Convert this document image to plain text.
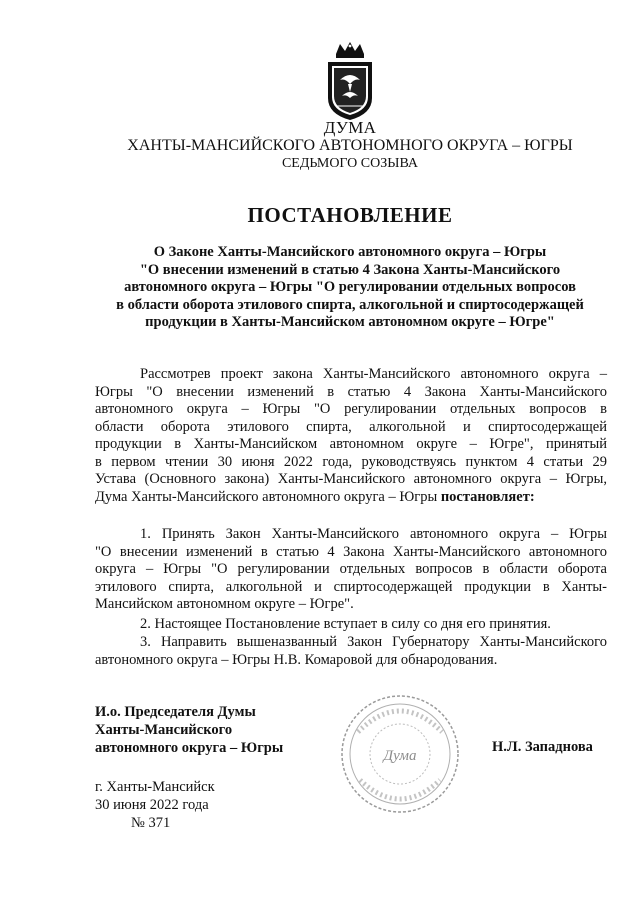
ДУМА
ХАНТЫ-МАНСИЙСКОГО АВТОНОМНОГО ОКРУГА – ЮГРЫ
СЕДЬМОГО СОЗЫВА
ПОСТАНОВЛЕНИЕ
О Законе Ханты-Мансийского автономного округа – Югры
"О внесении изменений в статью 4 Закона Ханты-Мансийского
автономного округа – Югры "О регулировании отдельных вопросов
в области оборота этилового спирта, алкогольной и спиртосодержащей
продукции в Ханты-Мансийском автономном округе – Югре"
Рассмотрев проект закона Ханты-Мансийского автономного округа –
Югры "О внесении изменений в статью 4 Закона Ханты-Мансийского
автономного округа – Югры "О регулировании отдельных вопросов в
области оборота этилового спирта, алкогольной и спиртосодержащей
продукции в Ханты-Мансийском автономном округе – Югре", принятый
в первом чтении 30 июня 2022 года, руководствуясь пунктом 4 статьи 29
Устава (Основного закона) Ханты-Мансийского автономного округа – Югры,
Дума Ханты-Мансийского автономного округа – Югры постановляет:
1. Принять Закон Ханты-Мансийского автономного округа – Югры
"О внесении изменений в статью 4 Закона Ханты-Мансийского автономного
округа – Югры "О регулировании отдельных вопросов в области оборота
этилового спирта, алкогольной и спиртосодержащей продукции в Ханты-
Мансийском автономном округе – Югре".
2. Настоящее Постановление вступает в силу со дня его принятия.
3. Направить вышеназванный Закон Губернатору Ханты-Мансийского
автономного округа – Югры Н.В. Комаровой для обнародования.
И.о. Председателя Думы
Ханты-Мансийского
автономного округа – Югры	Дума
Н.Л. Западнова
г. Ханты-Мансийск
30 июня 2022 года
№ 371
